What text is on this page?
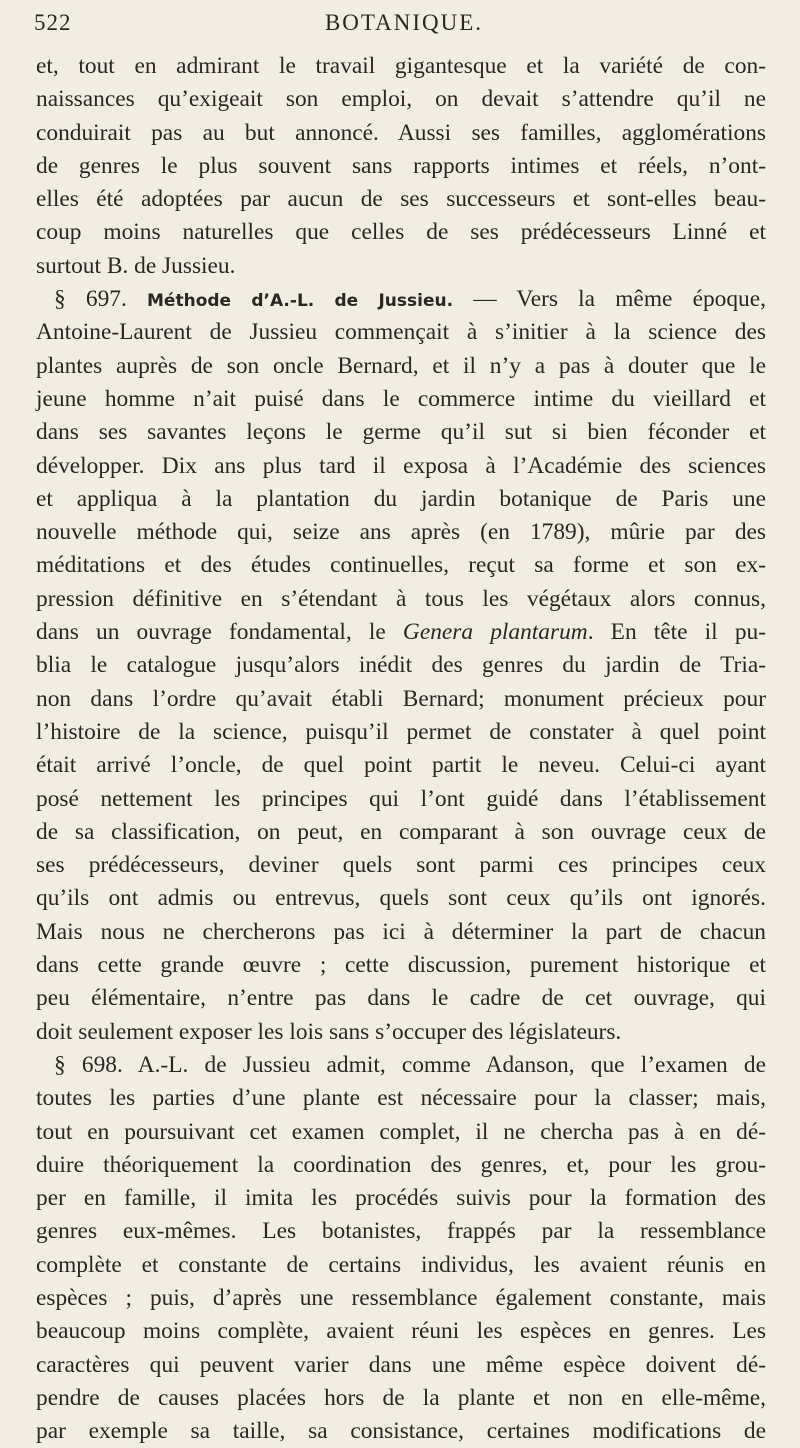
522	BOTANIQUE.
et, tout en admirant le travail gigantesque et la variété de con-
naissances qu’exigeait son emploi, on devait s’attendre qu’il ne
conduirait pas au but annoncé. Aussi ses familles, agglomérations
de genres le plus souvent sans rapports intimes et réels, n’ont-
elles été adoptées par aucun de ses successeurs et sont-elles beau-
coup moins naturelles que celles de ses prédécesseurs Linné et
surtout B. de Jussieu.
§ 697. Méthode d’A.-L. de Jussieu. — Vers la même époque,
Antoine-Laurent de Jussieu commençait à s’initier à la science des
plantes auprès de son oncle Bernard, et il n’y a pas à douter que le
jeune homme n’ait puisé dans le commerce intime du vieillard et
dans ses savantes leçons le germe qu’il sut si bien féconder et
développer. Dix ans plus tard il exposa à l’Académie des sciences
et appliqua à la plantation du jardin botanique de Paris une
nouvelle méthode qui, seize ans après (en 1789), mûrie par des
méditations et des études continuelles, reçut sa forme et son ex-
pression définitive en s’étendant à tous les végétaux alors connus,
dans un ouvrage fondamental, le Genera plantarum. En tête il pu-
blia le catalogue jusqu’alors inédit des genres du jardin de Tria-
non dans l’ordre qu’avait établi Bernard; monument précieux pour
l’histoire de la science, puisqu’il permet de constater à quel point
était arrivé l’oncle, de quel point partit le neveu. Celui-ci ayant
posé nettement les principes qui l’ont guidé dans l’établissement
de sa classification, on peut, en comparant à son ouvrage ceux de
ses prédécesseurs, deviner quels sont parmi ces principes ceux
qu’ils ont admis ou entrevus, quels sont ceux qu’ils ont ignorés.
Mais nous ne chercherons pas ici à déterminer la part de chacun
dans cette grande œuvre ; cette discussion, purement historique et
peu élémentaire, n’entre pas dans le cadre de cet ouvrage, qui
doit seulement exposer les lois sans s’occuper des législateurs.
§ 698. A.-L. de Jussieu admit, comme Adanson, que l’examen de
toutes les parties d’une plante est nécessaire pour la classer; mais,
tout en poursuivant cet examen complet, il ne chercha pas à en dé-
duire théoriquement la coordination des genres, et, pour les grou-
per en famille, il imita les procédés suivis pour la formation des
genres eux-mêmes. Les botanistes, frappés par la ressemblance
complète et constante de certains individus, les avaient réunis en
espèces ; puis, d’après une ressemblance également constante, mais
beaucoup moins complète, avaient réuni les espèces en genres. Les
caractères qui peuvent varier dans une même espèce doivent dé-
pendre de causes placées hors de la plante et non en elle-même,
par exemple sa taille, sa consistance, certaines modifications de
